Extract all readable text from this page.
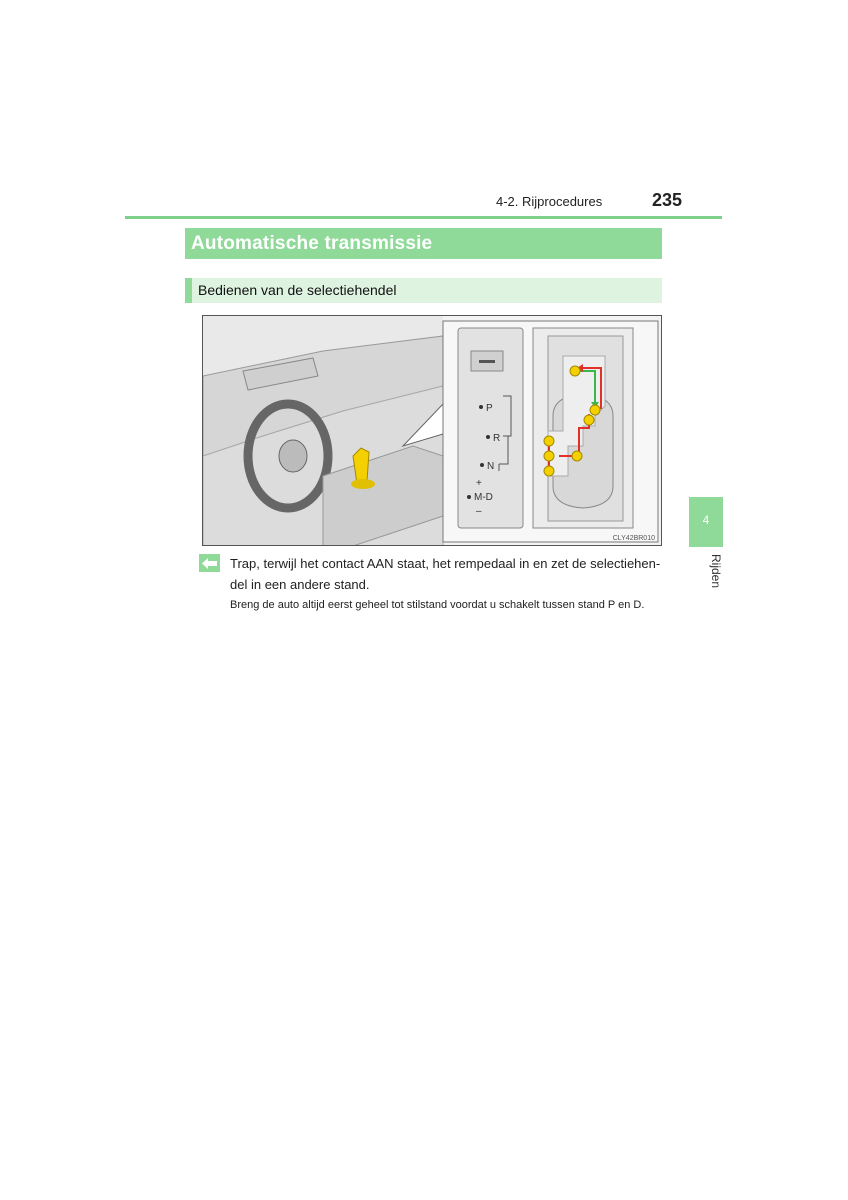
4-2. Rijprocedures	235
Automatische transmissie
Bedienen van de selectiehendel
P
R
N
+
M-D
–
CLY42BR010
Trap, terwijl het contact AAN staat, het rempedaal in en zet de selectiehen-del in een andere stand.
Breng de auto altijd eerst geheel tot stilstand voordat u schakelt tussen stand P en D.
4
Rijden
